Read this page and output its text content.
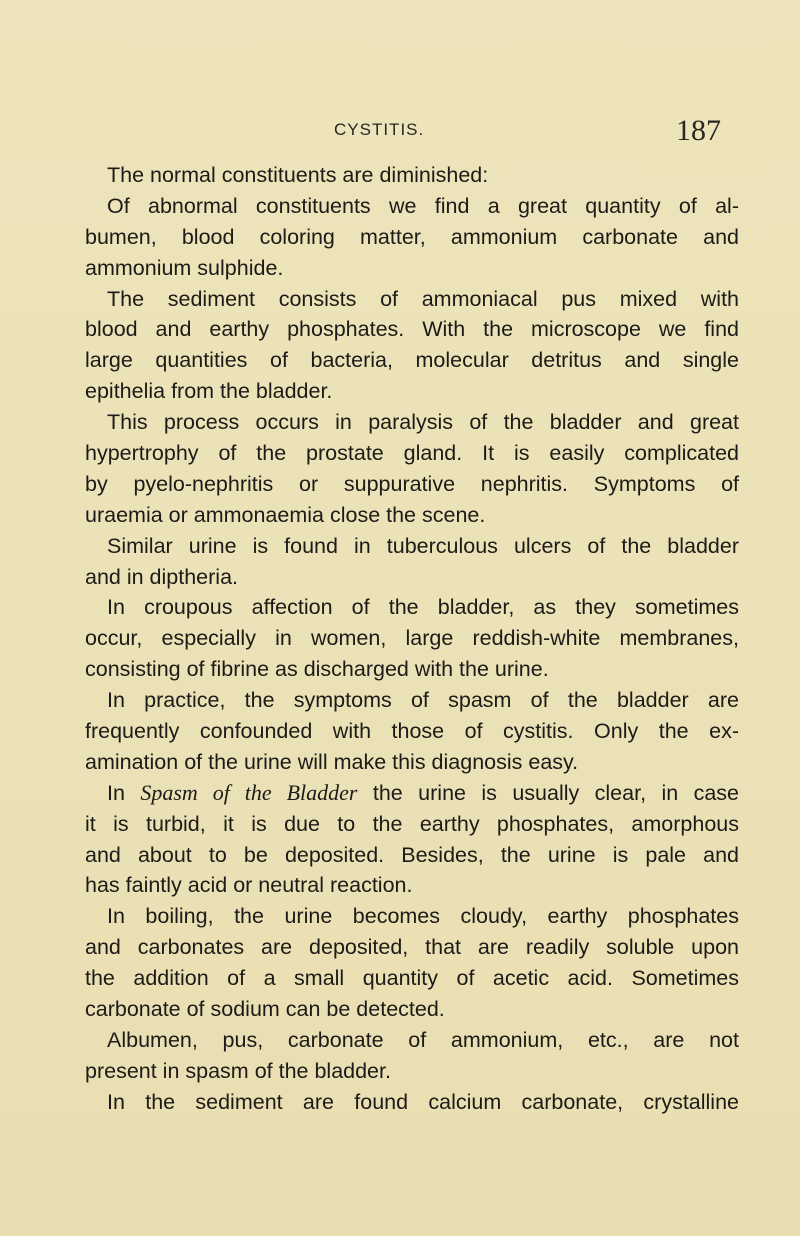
CYSTITIS.	187
The normal constituents are diminished:
Of abnormal constituents we find a great quantity of al-
bumen, blood coloring matter, ammonium carbonate and
ammonium sulphide.
The sediment consists of ammoniacal pus mixed with
blood and earthy phosphates. With the microscope we find
large quantities of bacteria, molecular detritus and single
epithelia from the bladder.
This process occurs in paralysis of the bladder and great
hypertrophy of the prostate gland. It is easily complicated
by pyelo-nephritis or suppurative nephritis. Symptoms of
uraemia or ammonaemia close the scene.
Similar urine is found in tuberculous ulcers of the bladder
and in diptheria.
In croupous affection of the bladder, as they sometimes
occur, especially in women, large reddish-white membranes,
consisting of fibrine as discharged with the urine.
In practice, the symptoms of spasm of the bladder are
frequently confounded with those of cystitis. Only the ex-
amination of the urine will make this diagnosis easy.
In Spasm of the Bladder the urine is usually clear, in case
it is turbid, it is due to the earthy phosphates, amorphous
and about to be deposited. Besides, the urine is pale and
has faintly acid or neutral reaction.
In boiling, the urine becomes cloudy, earthy phosphates
and carbonates are deposited, that are readily soluble upon
the addition of a small quantity of acetic acid. Sometimes
carbonate of sodium can be detected.
Albumen, pus, carbonate of ammonium, etc., are not
present in spasm of the bladder.
In the sediment are found calcium carbonate, crystalline
